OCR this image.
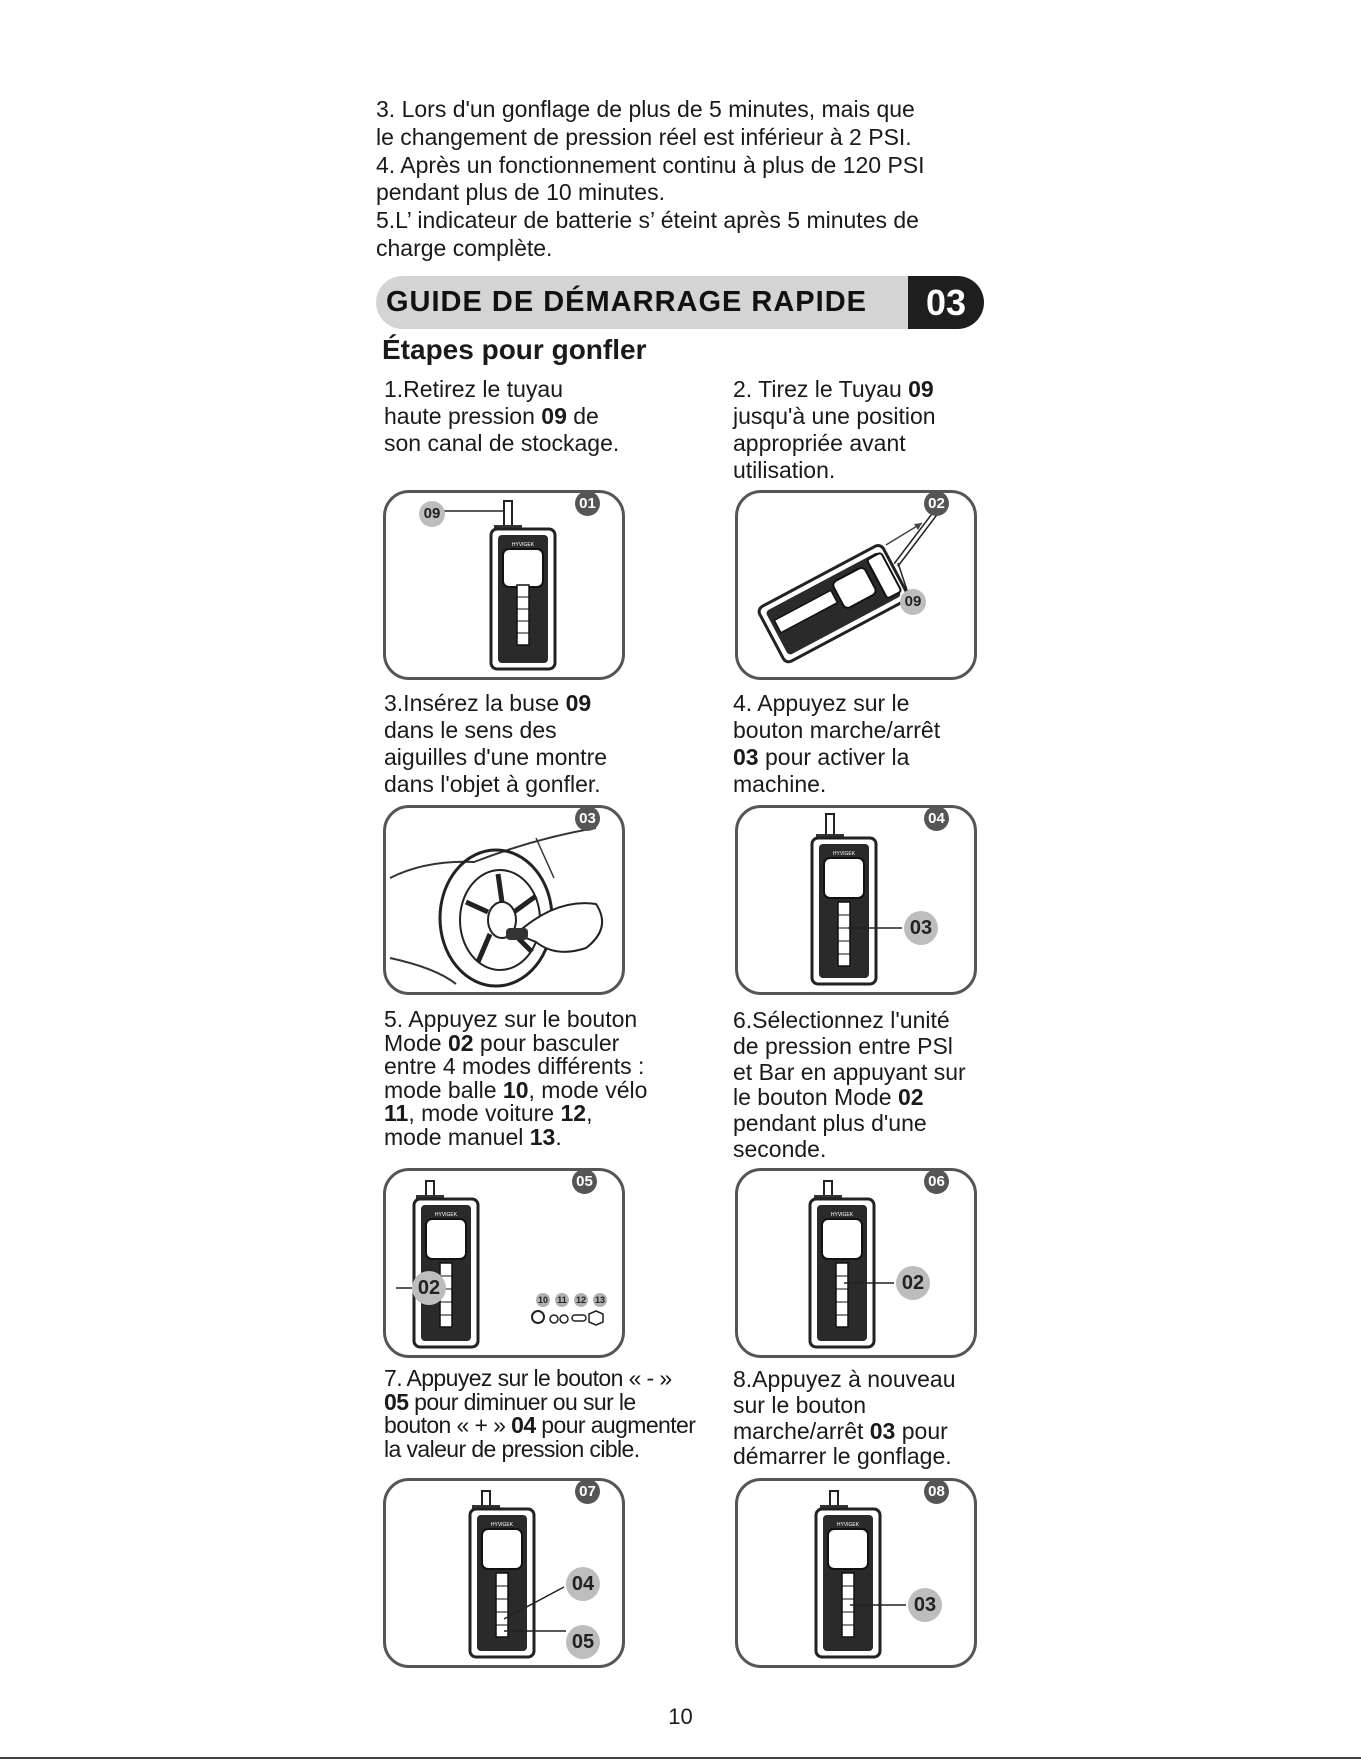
3. Lors d'un gonflage de plus de 5 minutes, mais que

le changement de pression réel est inférieur à 2 PSI.

4. Après un fonctionnement continu à plus de 120 PSI

pendant plus de 10 minutes.

5.L’ indicateur de batterie s’ éteint après 5 minutes de

charge complète.

GUIDE DE DÉMARRAGE RAPIDE	03
Étapes pour gonfler
1.Retirez le tuyau
haute pression 09 de
son canal de stockage.
2. Tirez le Tuyau 09
jusqu'à une position
appropriée avant
utilisation.
HYVIGEK
01
09
02
09
3.Insérez la buse 09
dans le sens des
aiguilles d'une montre
dans l'objet à gonfler.
4. Appuyez sur le
bouton marche/arrêt
03 pour activer la
machine.
03
HYVIGEK
04
03
5. Appuyez sur le bouton
Mode 02 pour basculer
entre 4 modes différents :
mode balle 10, mode vélo
11, mode voiture 12,
mode manuel 13.
6.Sélectionnez l'unité
de pression entre PSl
et Bar en appuyant sur
le bouton Mode 02
pendant plus d'une
seconde.
HYVIGEK
05
02
10 11 12 13
HYVIGEK
06
02
7. Appuyez sur le bouton « - »
05 pour diminuer ou sur le
bouton « + » 04 pour augmenter
la valeur de pression cible.
8.Appuyez à nouveau
sur le bouton
marche/arrêt 03 pour
démarrer le gonflage.
HYVIGEK
07
04
05
HYVIGEK
08
03
10
